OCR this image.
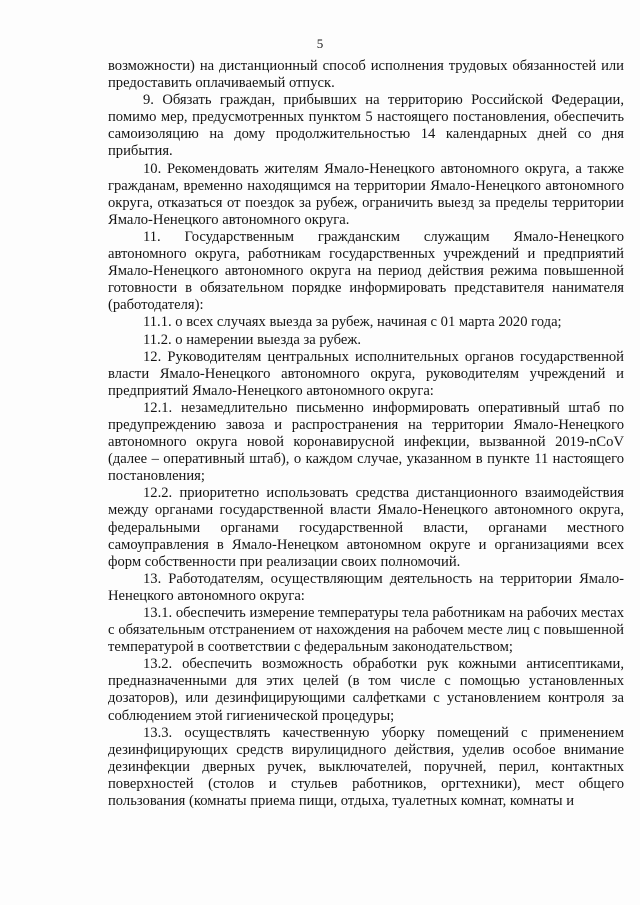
5

возможности) на дистанционный способ исполнения трудовых обязанностей или предоставить оплачиваемый отпуск.

9. Обязать граждан, прибывших на территорию Российской Федерации, помимо мер, предусмотренных пунктом 5 настоящего постановления, обеспечить самоизоляцию на дому продолжительностью 14 календарных дней со дня прибытия.

10. Рекомендовать жителям Ямало-Ненецкого автономного округа, а также гражданам, временно находящимся на территории Ямало-Ненецкого автономного округа, отказаться от поездок за рубеж, ограничить выезд за пределы территории Ямало-Ненецкого автономного округа.

11. Государственным гражданским служащим Ямало-Ненецкого автономного округа, работникам государственных учреждений и предприятий Ямало-Ненецкого автономного округа на период действия режима повышенной готовности в обязательном порядке информировать представителя нанимателя (работодателя):

11.1. о всех случаях выезда за рубеж, начиная с 01 марта 2020 года;

11.2. о намерении выезда за рубеж.

12. Руководителям центральных исполнительных органов государственной власти Ямало-Ненецкого автономного округа, руководителям учреждений и предприятий Ямало-Ненецкого автономного округа:

12.1. незамедлительно письменно информировать оперативный штаб по предупреждению завоза и распространения на территории Ямало-Ненецкого автономного округа новой коронавирусной инфекции, вызванной 2019-nCoV (далее – оперативный штаб), о каждом случае, указанном в пункте 11 настоящего постановления;

12.2. приоритетно использовать средства дистанционного взаимодействия между органами государственной власти Ямало-Ненецкого автономного округа, федеральными органами государственной власти, органами местного самоуправления в Ямало-Ненецком автономном округе и организациями всех форм собственности при реализации своих полномочий.

13. Работодателям, осуществляющим деятельность на территории Ямало-Ненецкого автономного округа:

13.1. обеспечить измерение температуры тела работникам на рабочих местах с обязательным отстранением от нахождения на рабочем месте лиц с повышенной температурой в соответствии с федеральным законодательством;

13.2. обеспечить возможность обработки рук кожными антисептиками, предназначенными для этих целей (в том числе с помощью установленных дозаторов), или дезинфицирующими салфетками с установлением контроля за соблюдением этой гигиенической процедуры;

13.3. осуществлять качественную уборку помещений с применением дезинфицирующих средств вирулицидного действия, уделив особое внимание дезинфекции дверных ручек, выключателей, поручней, перил, контактных поверхностей (столов и стульев работников, оргтехники), мест общего пользования (комнаты приема пищи, отдыха, туалетных комнат, комнаты и
